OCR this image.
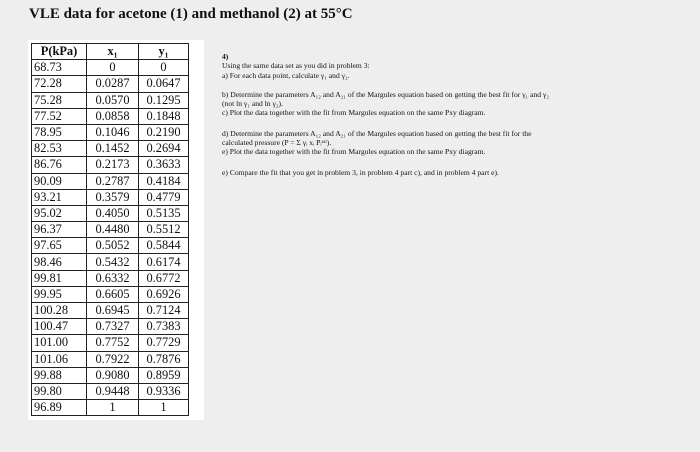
VLE data for acetone (1) and methanol (2) at 55°C
P(kPa)	x₁	y₁
68.73	0	0
72.28	0.0287	0.0647
75.28	0.0570	0.1295
77.52	0.0858	0.1848
78.95	0.1046	0.2190
82.53	0.1452	0.2694
86.76	0.2173	0.3633
90.09	0.2787	0.4184
93.21	0.3579	0.4779
95.02	0.4050	0.5135
96.37	0.4480	0.5512
97.65	0.5052	0.5844
98.46	0.5432	0.6174
99.81	0.6332	0.6772
99.95	0.6605	0.6926
100.28	0.6945	0.7124
100.47	0.7327	0.7383
101.00	0.7752	0.7729
101.06	0.7922	0.7876
99.88	0.9080	0.8959
99.80	0.9448	0.9336
96.89	1	1

4)

Using the same data set as you did in problem 3:

a) For each data point, calculate γ₁ and γ₂.

b) Determine the parameters A₁₂ and A₂₁ of the Margules equation based on getting the best fit for γ₁ and γ₂

(not ln γ₁ and ln γ₂).

c) Plot the data together with the fit from Margules equation on the same Pxy diagram.

d) Determine the parameters A₁₂ and A₂₁ of the Margules equation based on getting the best fit for the

calculated pressure (P = Σ γᵢ xᵢ Pᵢˢᵃᵗ).

e) Plot the data together with the fit from Margules equation on the same Pxy diagram.

e) Compare the fit that you get in problem 3, in problem 4 part c), and in problem 4 part e).
